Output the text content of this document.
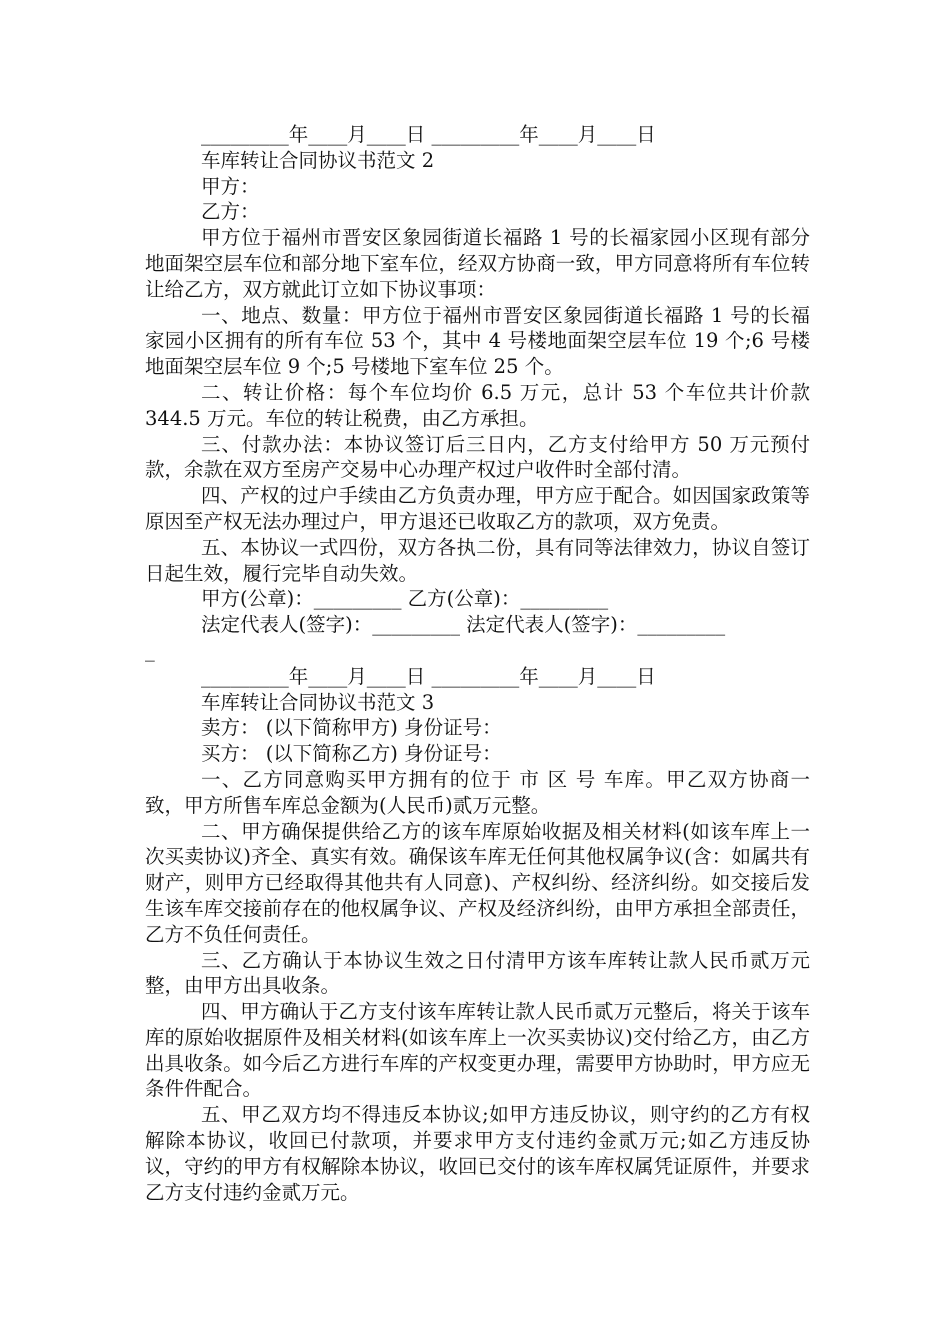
_________年____月____日 _________年____月____日
车库转让合同协议书范文 2
甲方：
乙方：
甲方位于福州市晋安区象园街道长福路 1 号的长福家园小区现有部分地面架空层车位和部分地下室车位，经双方协商一致，甲方同意将所有车位转让给乙方，双方就此订立如下协议事项：
一、地点、数量：甲方位于福州市晋安区象园街道长福路 1 号的长福家园小区拥有的所有车位 53 个，其中 4 号楼地面架空层车位 19 个;6 号楼地面架空层车位 9 个;5 号楼地下室车位 25 个。
二、转让价格：每个车位均价 6.5 万元，总计 53 个车位共计价款 344.5 万元。车位的转让税费，由乙方承担。
三、付款办法：本协议签订后三日内，乙方支付给甲方 50 万元预付款，余款在双方至房产交易中心办理产权过户收件时全部付清。
四、产权的过户手续由乙方负责办理，甲方应于配合。如因国家政策等原因至产权无法办理过户，甲方退还已收取乙方的款项，双方免责。
五、本协议一式四份，双方各执二份，具有同等法律效力，协议自签订日起生效，履行完毕自动失效。
甲方(公章)：_________ 乙方(公章)：_________
法定代表人(签字)：_________ 法定代表人(签字)：_________
_
_________年____月____日 _________年____月____日
车库转让合同协议书范文 3
卖方： (以下简称甲方) 身份证号：
买方： (以下简称乙方) 身份证号：
一、乙方同意购买甲方拥有的位于 市 区 号 车库。甲乙双方协商一致，甲方所售车库总金额为(人民币)贰万元整。
二、甲方确保提供给乙方的该车库原始收据及相关材料(如该车库上一次买卖协议)齐全、真实有效。确保该车库无任何其他权属争议(含：如属共有财产，则甲方已经取得其他共有人同意)、产权纠纷、经济纠纷。如交接后发生该车库交接前存在的他权属争议、产权及经济纠纷，由甲方承担全部责任，乙方不负任何责任。
三、乙方确认于本协议生效之日付清甲方该车库转让款人民币贰万元整，由甲方出具收条。
四、甲方确认于乙方支付该车库转让款人民币贰万元整后，将关于该车库的原始收据原件及相关材料(如该车库上一次买卖协议)交付给乙方，由乙方出具收条。如今后乙方进行车库的产权变更办理，需要甲方协助时，甲方应无条件件配合。
五、甲乙双方均不得违反本协议;如甲方违反协议，则守约的乙方有权解除本协议，收回已付款项，并要求甲方支付违约金贰万元;如乙方违反协议，守约的甲方有权解除本协议，收回已交付的该车库权属凭证原件，并要求乙方支付违约金贰万元。
